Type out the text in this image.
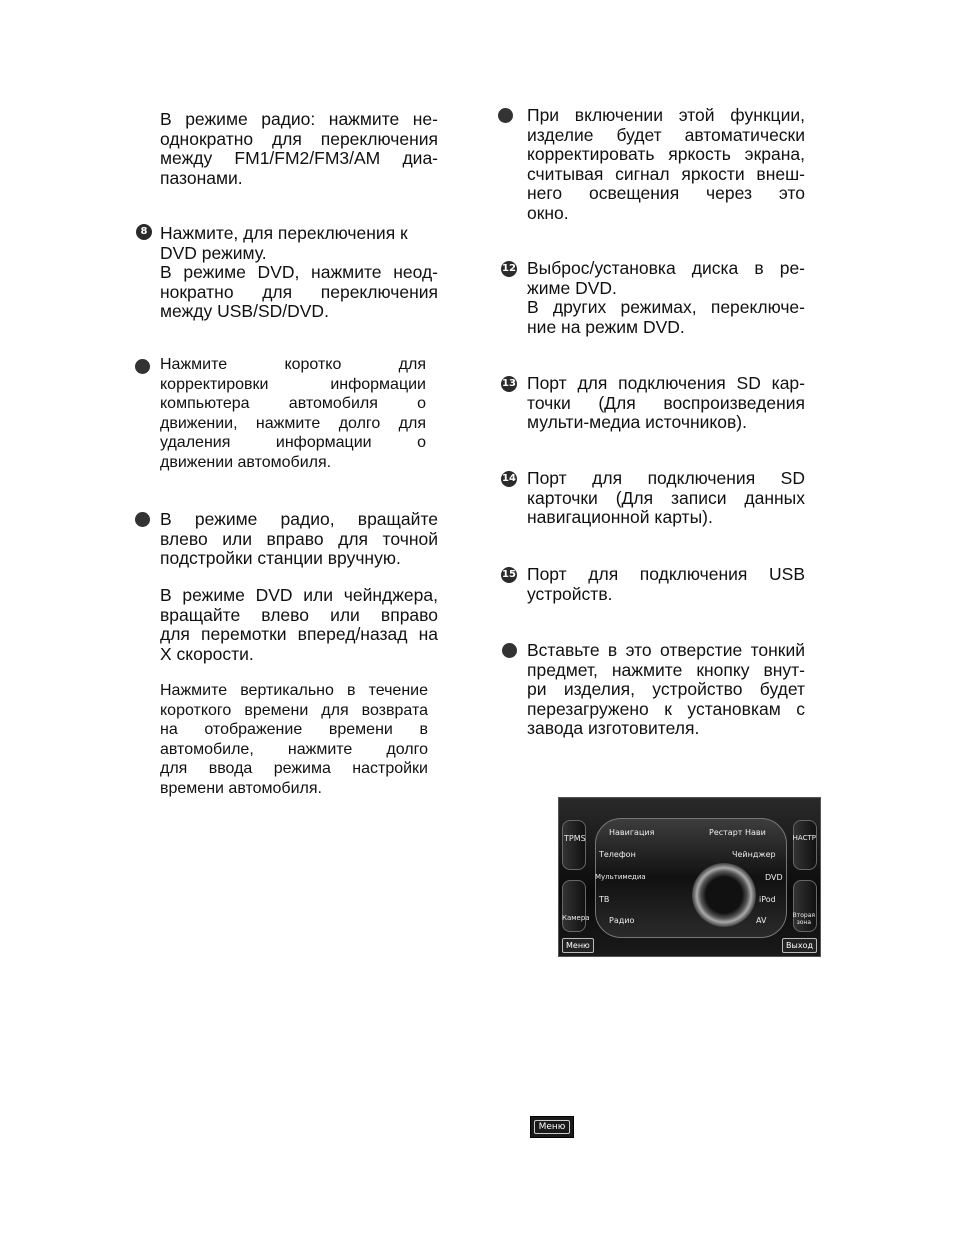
В режиме радио: нажмите не-

однократно для переключения

между FM1/FM2/FM3/AM диа-

пазонами.

Нажмите, для переключения к

DVD режиму.

В режиме DVD, нажмите неод-

нократно для переключения

между USB/SD/DVD.

Нажмите коротко для

корректировки информации

компьютера автомобиля о

движении, нажмите долго для

удаления информации о

движении автомобиля.

В режиме радио, вращайте

влево или вправо для точной

подстройки станции вручную.

В режиме DVD или чейнджера,

вращайте влево или вправо

для перемотки вперед/назад на

X скорости.

Нажмите вертикально в течение

короткого времени для возврата

на отображение времени в

автомобиле, нажмите долго

для ввода режима настройки

времени автомобиля.

8

При включении этой функции,

изделие будет автоматически

корректировать яркость экрана,

считывая сигнал яркости внеш-

него освещения через это

окно.

Выброс/установка диска в ре-

жиме DVD.

В других режимах, переключе-

ние на режим DVD.

Порт для подключения SD кар-

точки (Для воспроизведения

мульти-медиа источников).

Порт для подключения SD

карточки (Для записи данных

навигационной карты).

Порт для подключения USB

устройств.

Вставьте в это отверстие тонкий

предмет, нажмите кнопку внут-

ри изделия, устройство будет

перезагружено к установкам с

завода изготовителя.

12
13
14
15
TPMS
Камера
НАСТР
Вторая
зона
Навигация	Рестарт Нави
Телефон	Чейнджер
Мультимедиа	DVD
ТВ	iPod
Радио	AV
Меню	Выход
Меню
